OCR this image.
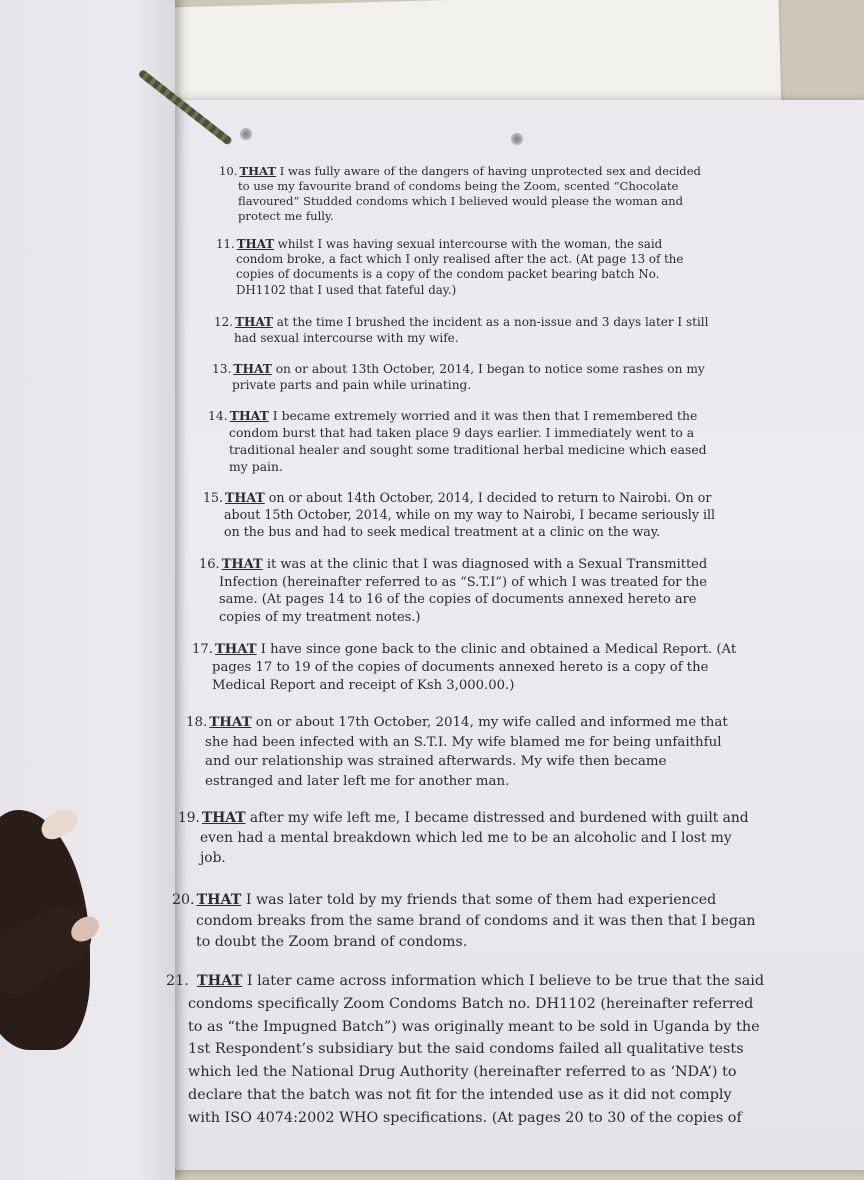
10. THAT I was fully aware of the dangers of having unprotected sex and decided
to use my favourite brand of condoms being the Zoom, scented “Chocolate
flavoured” Studded condoms which I believed would please the woman and
protect me fully.
11. THAT whilst I was having sexual intercourse with the woman, the said
condom broke, a fact which I only realised after the act. (At page 13 of the
copies of documents is a copy of the condom packet bearing batch No.
DH1102 that I used that fateful day.)
12. THAT at the time I brushed the incident as a non-issue and 3 days later I still
had sexual intercourse with my wife.
13. THAT on or about 13th October, 2014, I began to notice some rashes on my
private parts and pain while urinating.
14. THAT I became extremely worried and it was then that I remembered the
condom burst that had taken place 9 days earlier. I immediately went to a
traditional healer and sought some traditional herbal medicine which eased
my pain.
15. THAT on or about 14th October, 2014, I decided to return to Nairobi. On or
about 15th October, 2014, while on my way to Nairobi, I became seriously ill
on the bus and had to seek medical treatment at a clinic on the way.
16. THAT it was at the clinic that I was diagnosed with a Sexual Transmitted
Infection (hereinafter referred to as “S.T.I”) of which I was treated for the
same. (At pages 14 to 16 of the copies of documents annexed hereto are
copies of my treatment notes.)
17. THAT I have since gone back to the clinic and obtained a Medical Report. (At
pages 17 to 19 of the copies of documents annexed hereto is a copy of the
Medical Report and receipt of Ksh 3,000.00.)
18. THAT on or about 17th October, 2014, my wife called and informed me that
she had been infected with an S.T.I. My wife blamed me for being unfaithful
and our relationship was strained afterwards. My wife then became
estranged and later left me for another man.
19. THAT after my wife left me, I became distressed and burdened with guilt and
even had a mental breakdown which led me to be an alcoholic and I lost my
job.
20. THAT I was later told by my friends that some of them had experienced
condom breaks from the same brand of condoms and it was then that I began
to doubt the Zoom brand of condoms.
21. THAT I later came across information which I believe to be true that the said
condoms specifically Zoom Condoms Batch no. DH1102 (hereinafter referred
to as “the Impugned Batch”) was originally meant to be sold in Uganda by the
1st Respondent’s subsidiary but the said condoms failed all qualitative tests
which led the National Drug Authority (hereinafter referred to as ‘NDA’) to
declare that the batch was not fit for the intended use as it did not comply
with ISO 4074:2002 WHO specifications. (At pages 20 to 30 of the copies of
